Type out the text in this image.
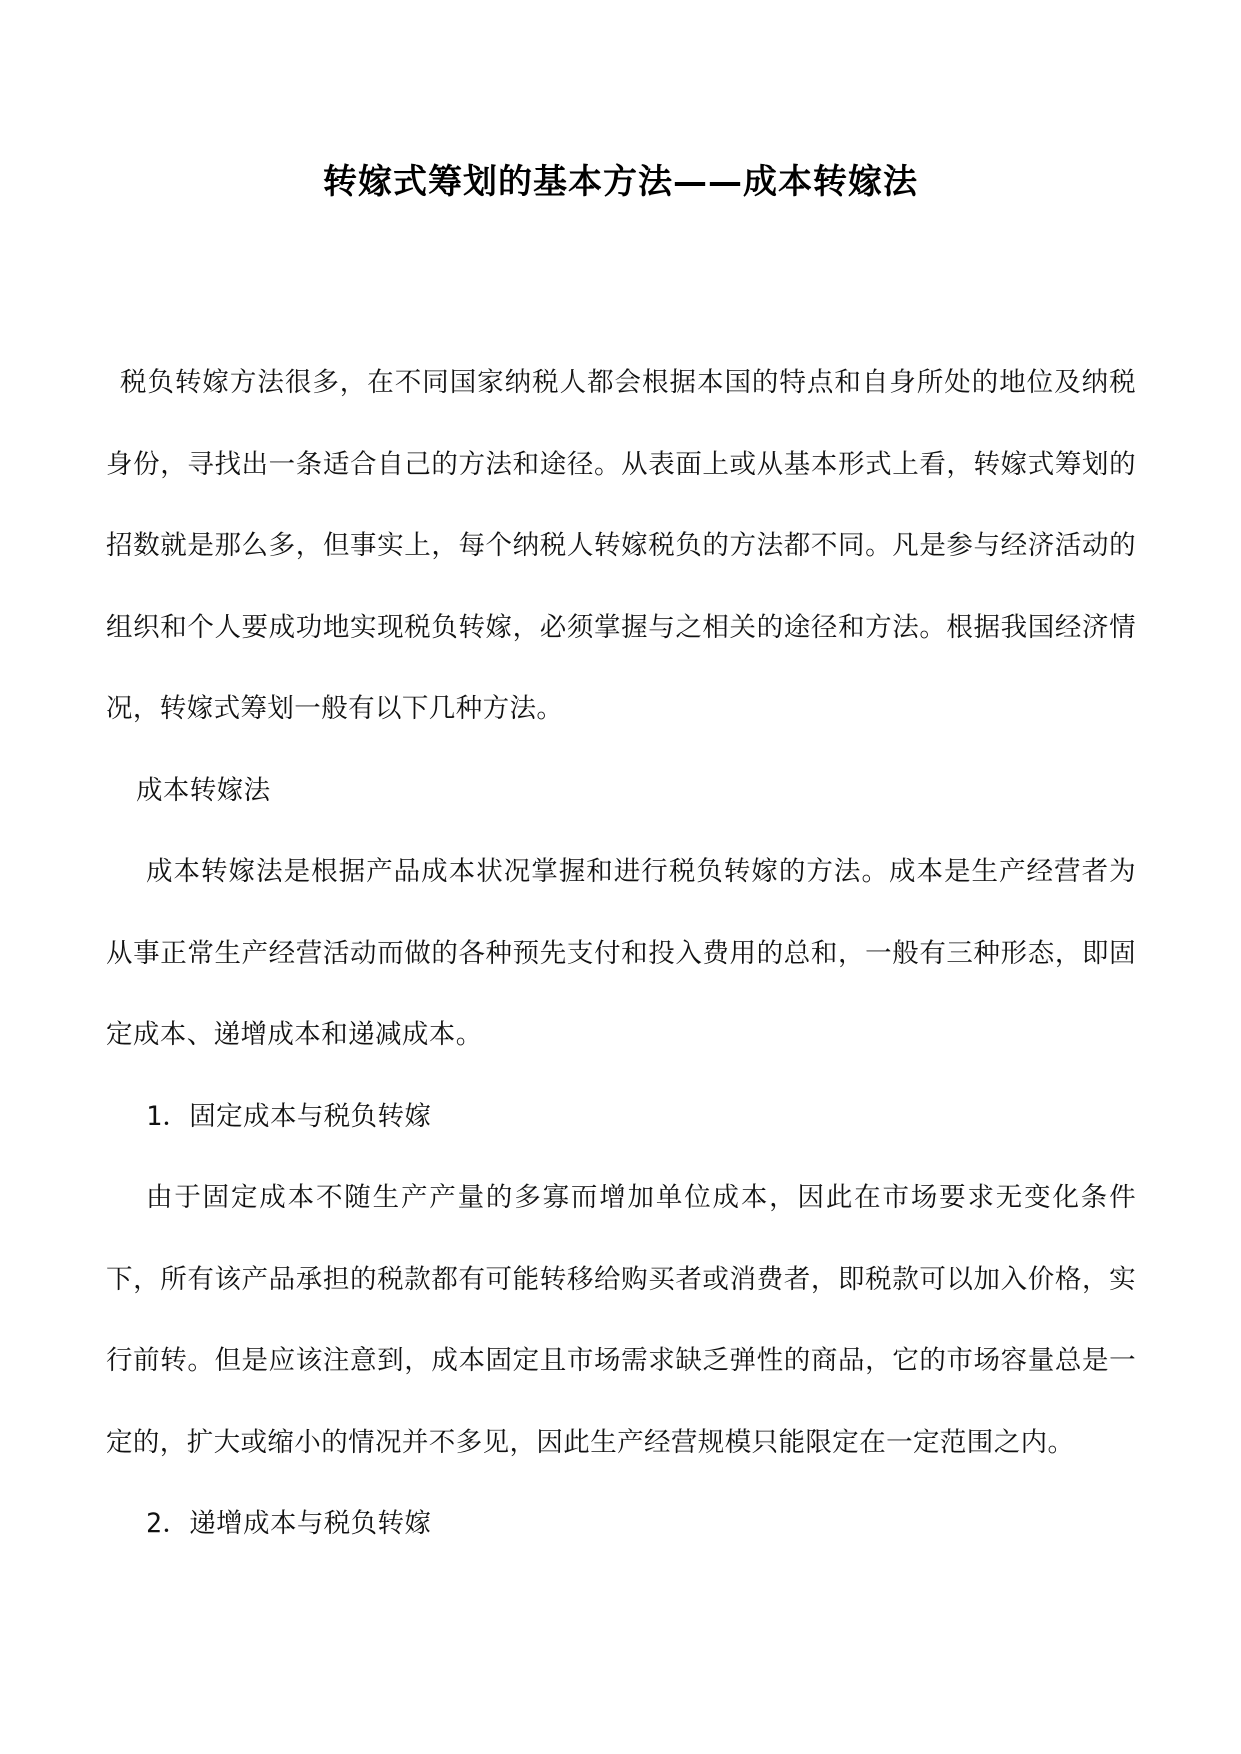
转嫁式筹划的基本方法——成本转嫁法

税负转嫁方法很多，在不同国家纳税人都会根据本国的特点和自身所处的地位及纳税身份，寻找出一条适合自己的方法和途径。从表面上或从基本形式上看，转嫁式筹划的招数就是那么多，但事实上，每个纳税人转嫁税负的方法都不同。凡是参与经济活动的组织和个人要成功地实现税负转嫁，必须掌握与之相关的途径和方法。根据我国经济情况，转嫁式筹划一般有以下几种方法。

成本转嫁法

成本转嫁法是根据产品成本状况掌握和进行税负转嫁的方法。成本是生产经营者为从事正常生产经营活动而做的各种预先支付和投入费用的总和，一般有三种形态，即固定成本、递增成本和递减成本。

1．固定成本与税负转嫁

由于固定成本不随生产产量的多寡而增加单位成本，因此在市场要求无变化条件下，所有该产品承担的税款都有可能转移给购买者或消费者，即税款可以加入价格，实行前转。但是应该注意到，成本固定且市场需求缺乏弹性的商品，它的市场容量总是一定的，扩大或缩小的情况并不多见，因此生产经营规模只能限定在一定范围之内。

2．递增成本与税负转嫁
